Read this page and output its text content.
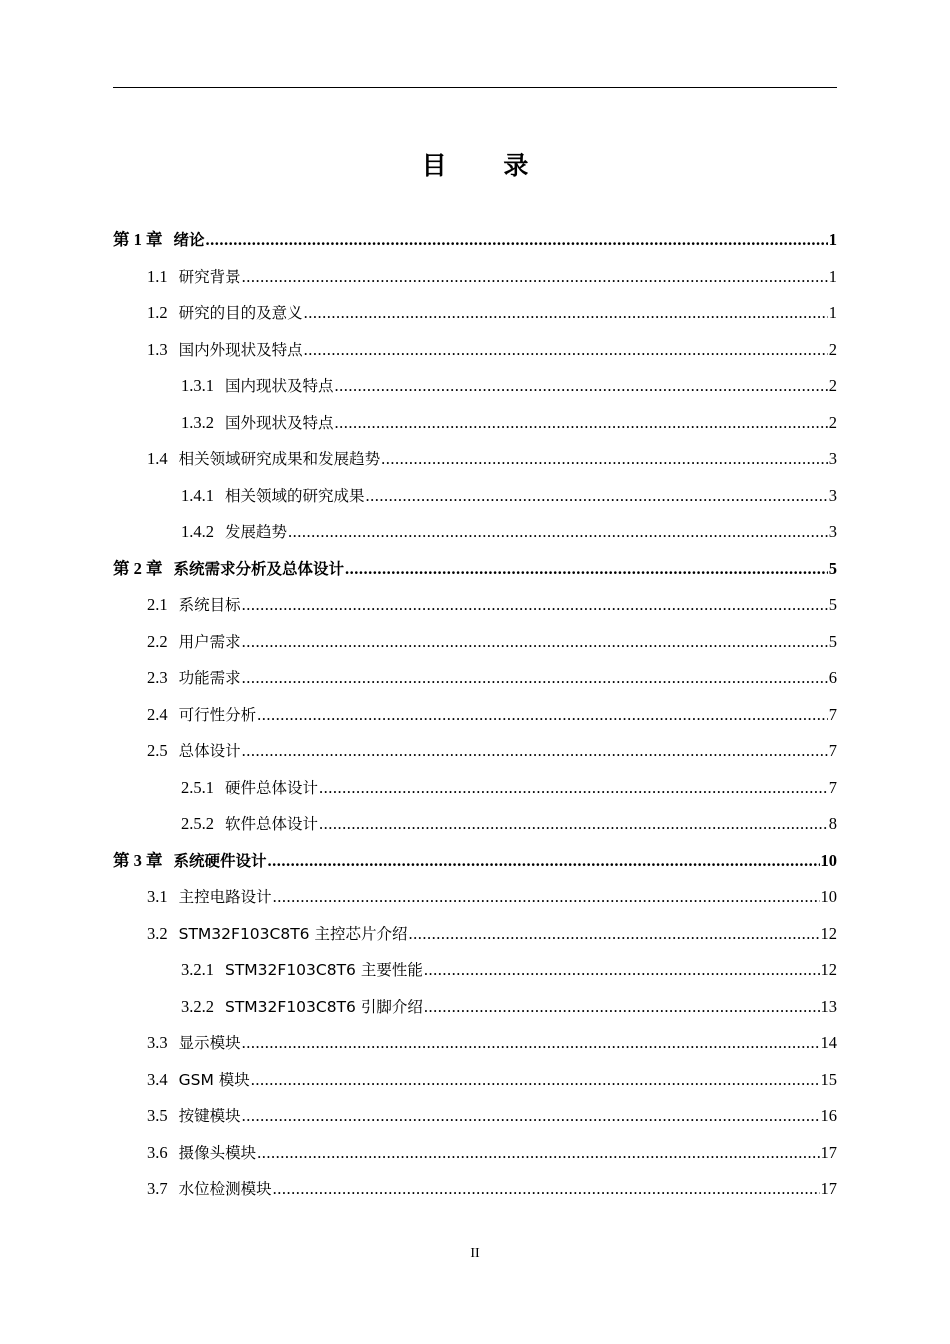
目 录
第 1 章 绪论 .....	1
1.1 研究背景 .....	1
1.2 研究的目的及意义 .....	1
1.3 国内外现状及特点 .....	2
1.3.1 国内现状及特点 .....	2
1.3.2 国外现状及特点 .....	2
1.4 相关领域研究成果和发展趋势 .....	3
1.4.1 相关领域的研究成果 .....	3
1.4.2 发展趋势 .....	3
第 2 章 系统需求分析及总体设计 .....	5
2.1 系统目标 .....	5
2.2 用户需求 .....	5
2.3 功能需求 .....	6
2.4 可行性分析 .....	7
2.5 总体设计 .....	7
2.5.1 硬件总体设计 .....	7
2.5.2 软件总体设计 .....	8
第 3 章 系统硬件设计 .....	10
3.1 主控电路设计 .....	10
3.2 STM32F103C8T6 主控芯片介绍 .....	12
3.2.1 STM32F103C8T6 主要性能 .....	12
3.2.2 STM32F103C8T6 引脚介绍 .....	13
3.3 显示模块 .....	14
3.4 GSM 模块 .....	15
3.5 按键模块 .....	16
3.6 摄像头模块 .....	17
3.7 水位检测模块 .....	17
II
